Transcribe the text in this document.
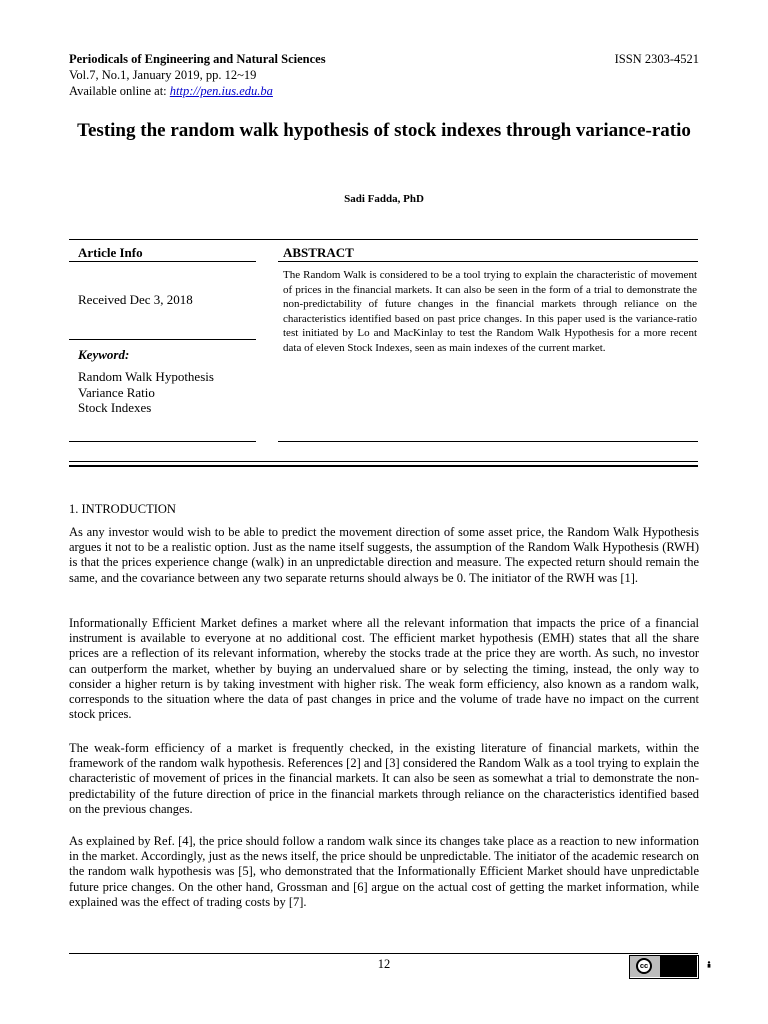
Periodicals of Engineering and Natural Sciences	ISSN 2303-4521
Vol.7, No.1, January 2019, pp. 12~19
Available online at: http://pen.ius.edu.ba
Testing the random walk hypothesis of stock indexes through variance-ratio
Sadi Fadda, PhD
Article Info	ABSTRACT
Received Dec 3, 2018
Keyword:
Random Walk Hypothesis
Variance Ratio
Stock Indexes
The Random Walk is considered to be a tool trying to explain the characteristic of movement of prices in the financial markets. It can also be seen in the form of a trial to demonstrate the non-predictability of future changes in the financial markets through reliance on the characteristics identified based on past price changes. In this paper used is the variance-ratio test initiated by Lo and MacKinlay to test the Random Walk Hypothesis for a more recent data of eleven Stock Indexes, seen as main indexes of the current market.
1. INTRODUCTION
As any investor would wish to be able to predict the movement direction of some asset price, the Random Walk Hypothesis argues it not to be a realistic option. Just as the name itself suggests, the assumption of the Random Walk Hypothesis (RWH) is that the prices experience change (walk) in an unpredictable direction and measure. The expected return should remain the same, and the covariance between any two separate returns should always be 0. The initiator of the RWH was [1].
Informationally Efficient Market defines a market where all the relevant information that impacts the price of a financial instrument is available to everyone at no additional cost. The efficient market hypothesis (EMH) states that all the share prices are a reflection of its relevant information, whereby the stocks trade at the price they are worth. As such, no investor can outperform the market, whether by buying an undervalued share or by selecting the timing, instead, the only way to consider a higher return is by taking investment with higher risk. The weak form efficiency, also known as a random walk, corresponds to the situation where the data of past changes in price and the volume of trade have no impact on the current stock prices.
The weak-form efficiency of a market is frequently checked, in the existing literature of financial markets, within the framework of the random walk hypothesis. References [2] and [3] considered the Random Walk as a tool trying to explain the characteristic of movement of prices in the financial markets. It can also be seen as somewhat a trial to demonstrate the non-predictability of the future direction of price in the financial markets through reliance on the characteristics identified based on the previous changes.
As explained by Ref. [4], the price should follow a random walk since its changes take place as a reaction to new information in the market. Accordingly, just as the news itself, the price should be unpredictable. The initiator of the academic research on the random walk hypothesis was [5], who demonstrated that the Informationally Efficient Market should have unpredictable future price changes. On the other hand, Grossman and [6] argue on the actual cost of getting the market information, while explained was the effect of trading costs by [7].
12	cc
BY
